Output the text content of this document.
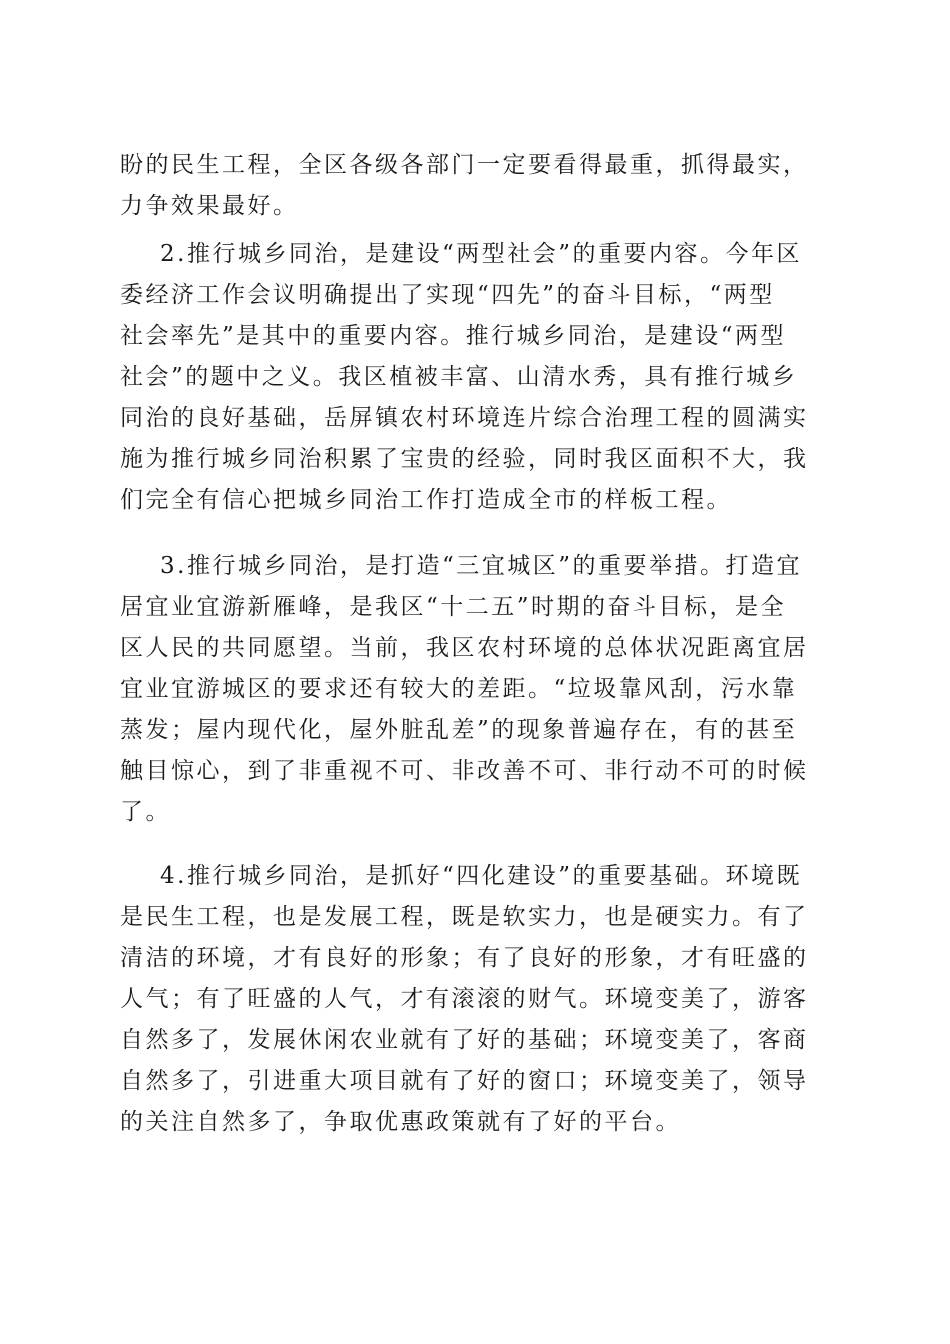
盼的民生工程，全区各级各部门一定要看得最重，抓得最实，
力争效果最好。
2.推行城乡同治，是建设“两型社会”的重要内容。今年区
委经济工作会议明确提出了实现“四先”的奋斗目标，“两型
社会率先”是其中的重要内容。推行城乡同治，是建设“两型
社会”的题中之义。我区植被丰富、山清水秀，具有推行城乡
同治的良好基础，岳屏镇农村环境连片综合治理工程的圆满实
施为推行城乡同治积累了宝贵的经验，同时我区面积不大，我
们完全有信心把城乡同治工作打造成全市的样板工程。
3.推行城乡同治，是打造“三宜城区”的重要举措。打造宜
居宜业宜游新雁峰，是我区“十二五”时期的奋斗目标，是全
区人民的共同愿望。当前，我区农村环境的总体状况距离宜居
宜业宜游城区的要求还有较大的差距。“垃圾靠风刮，污水靠
蒸发；屋内现代化，屋外脏乱差”的现象普遍存在，有的甚至
触目惊心，到了非重视不可、非改善不可、非行动不可的时候
了。
4.推行城乡同治，是抓好“四化建设”的重要基础。环境既
是民生工程，也是发展工程，既是软实力，也是硬实力。有了
清洁的环境，才有良好的形象；有了良好的形象，才有旺盛的
人气；有了旺盛的人气，才有滚滚的财气。环境变美了，游客
自然多了，发展休闲农业就有了好的基础；环境变美了，客商
自然多了，引进重大项目就有了好的窗口；环境变美了，领导
的关注自然多了，争取优惠政策就有了好的平台。
